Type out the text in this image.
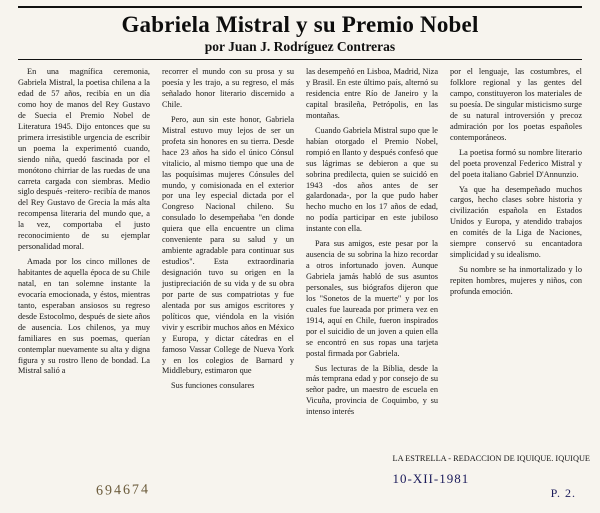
Gabriela Mistral y su Premio Nobel
por Juan J. Rodríguez Contreras

En una magnífica ceremonia, Gabriela Mistral, la poetisa chilena a la edad de 57 años, recibía en un día como hoy de manos del Rey Gustavo de Suecia el Premio Nobel de Literatura 1945. Dijo entonces que su primera irresistible urgencia de escribir un poema la experimentó cuando, siendo niña, quedó fascinada por el monótono chirriar de las ruedas de una carreta cargada con siembras. Medio siglo después -reitero- recibía de manos del Rey Gustavo de Grecia la más alta recompensa literaria del mundo que, a la vez, comportaba el justo reconocimiento de su ejemplar personalidad moral.

Amada por los cinco millones de habitantes de aquella época de su Chile natal, en tan solemne instante la evocaría emocionada, y éstos, mientras tanto, esperaban ansiosos su regreso desde Estocolmo, después de siete años de ausencia. Los chilenos, ya muy familiares en sus poemas, querían contemplar nuevamente su alta y digna figura y su rostro lleno de bondad. La Mistral salió a

recorrer el mundo con su prosa y su poesía y les trajo, a su regreso, el más señalado honor literario discernido a Chile.

Pero, aun sin este honor, Gabriela Mistral estuvo muy lejos de ser un profeta sin honores en su tierra. Desde hace 23 años ha sido el único Cónsul vitalicio, al mismo tiempo que una de las poquísimas mujeres Cónsules del mundo, y comisionada en el exterior por una ley especial dictada por el Congreso Nacional chileno. Su consulado lo desempeñaba "en donde quiera que ella encuentre un clima conveniente para su salud y un ambiente agradable para continuar sus estudios". Esta extraordinaria designación tuvo su origen en la justipreciación de su vida y de su obra por parte de sus compatriotas y fue alentada por sus amigos escritores y políticos que, viéndola en la visión vivir y escribir muchos años en México y Europa, y dictar cátedras en el famoso Vassar College de Nueva York y en los colegios de Barnard y Middlebury, estimaron que

Sus funciones consulares

las desempeñó en Lisboa, Madrid, Niza y Brasil. En este último país, alternó su residencia entre Río de Janeiro y la capital brasileña, Petrópolis, en las montañas.

Cuando Gabriela Mistral supo que le habían otorgado el Premio Nobel, rompió en llanto y después confesó que sus lágrimas se debieron a que su sobrina predilecta, quien se suicidó en 1943 -dos años antes de ser galardonada-, por la que pudo haber hecho mucho en los 17 años de edad, no podía participar en este jubiloso instante con ella.

Para sus amigos, este pesar por la ausencia de su sobrina la hizo recordar a otros infortunado joven. Aunque Gabriela jamás habló de sus asuntos personales, sus biógrafos dijeron que los "Sonetos de la muerte" y por los cuales fue laureada por primera vez en 1914, aquí en Chile, fueron inspirados por el suicidio de un joven a quien ella se encontró en sus ropas una tarjeta postal firmada por Gabriela.

Sus lecturas de la Biblia, desde la más temprana edad y por consejo de su señor padre, un maestro de escuela en Vicuña, provincia de Coquimbo, y su intenso interés

por el lenguaje, las costumbres, el folklore regional y las gentes del campo, constituyeron los materiales de su poesía. De singular misticismo surge de su natural introversión y precoz admiración por los poetas españoles contemporáneos.

La poetisa formó su nombre literario del poeta provenzal Federico Mistral y del poeta italiano Gabriel D'Annunzio.

Ya que ha desempeñado muchos cargos, hecho clases sobre historia y civilización española en Estados Unidos y Europa, y atendido trabajos en comités de la Liga de Naciones, siempre conservó su encantadora simplicidad y su idealismo.

Su nombre se ha inmortalizado y lo repiten hombres, mujeres y niños, con profunda emoción.

LA ESTRELLA - REDACCION DE IQUIQUE. IQUIQUE
10-XII-1981
694674	P. 2.
